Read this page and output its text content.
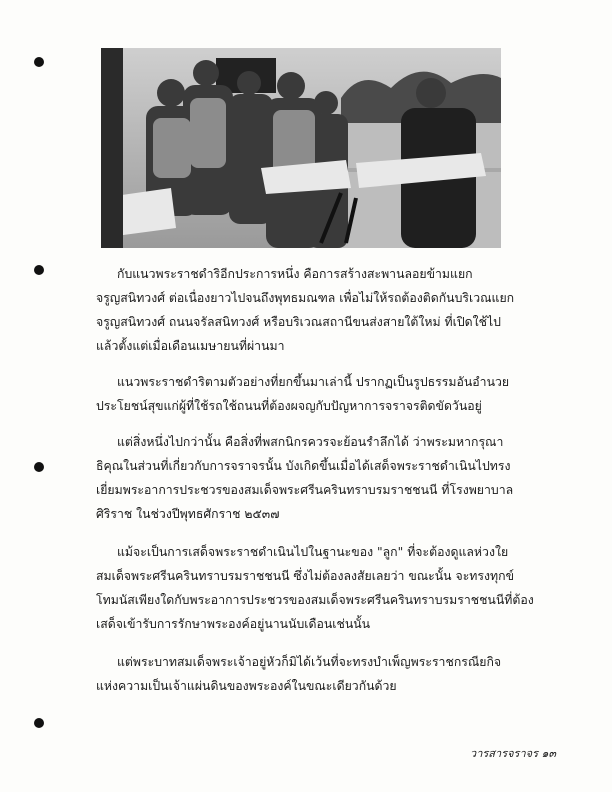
กับแนวพระราชดำริอีกประการหนึ่ง คือการสร้างสะพานลอยข้ามแยก
จรูญสนิทวงศ์ ต่อเนื่องยาวไปจนถึงพุทธมณฑล เพื่อไม่ให้รถต้องติดกันบริเวณแยก
จรูญสนิทวงศ์ ถนนจรัลสนิทวงศ์ หรือบริเวณสถานีขนส่งสายใต้ใหม่ ที่เปิดใช้ไป
แล้วตั้งแต่เมื่อเดือนเมษายนที่ผ่านมา
แนวพระราชดำริตามตัวอย่างที่ยกขึ้นมาเล่านี้ ปรากฏเป็นรูปธรรมอันอำนวย
ประโยชน์สุขแก่ผู้ที่ใช้รถใช้ถนนที่ต้องผจญกับปัญหาการจราจรติดขัดวันอยู่
แต่สิ่งหนึ่งไปกว่านั้น คือสิ่งที่พสกนิกรควรจะย้อนรำลึกได้ ว่าพระมหากรุณา
ธิคุณในส่วนที่เกี่ยวกับการจราจรนั้น บังเกิดขึ้นเมื่อได้เสด็จพระราชดำเนินไปทรง
เยี่ยมพระอาการประชวรของสมเด็จพระศรีนครินทราบรมราชชนนี ที่โรงพยาบาล
ศิริราช ในช่วงปีพุทธศักราช ๒๕๓๗
แม้จะเป็นการเสด็จพระราชดำเนินไปในฐานะของ "ลูก" ที่จะต้องดูแลห่วงใย
สมเด็จพระศรีนครินทราบรมราชชนนี ซึ่งไม่ต้องลงสัยเลยว่า ขณะนั้น จะทรงทุกข์
โทมนัสเพียงใดกับพระอาการประชวรของสมเด็จพระศรีนครินทราบรมราชชนนีที่ต้อง
เสด็จเข้ารับการรักษาพระองค์อยู่นานนับเดือนเช่นนั้น
แต่พระบาทสมเด็จพระเจ้าอยู่หัวก็มิได้เว้นที่จะทรงบำเพ็ญพระราชกรณียกิจ
แห่งความเป็นเจ้าแผ่นดินของพระองค์ในขณะเดียวกันด้วย
วารสารจราจร ๑๓
